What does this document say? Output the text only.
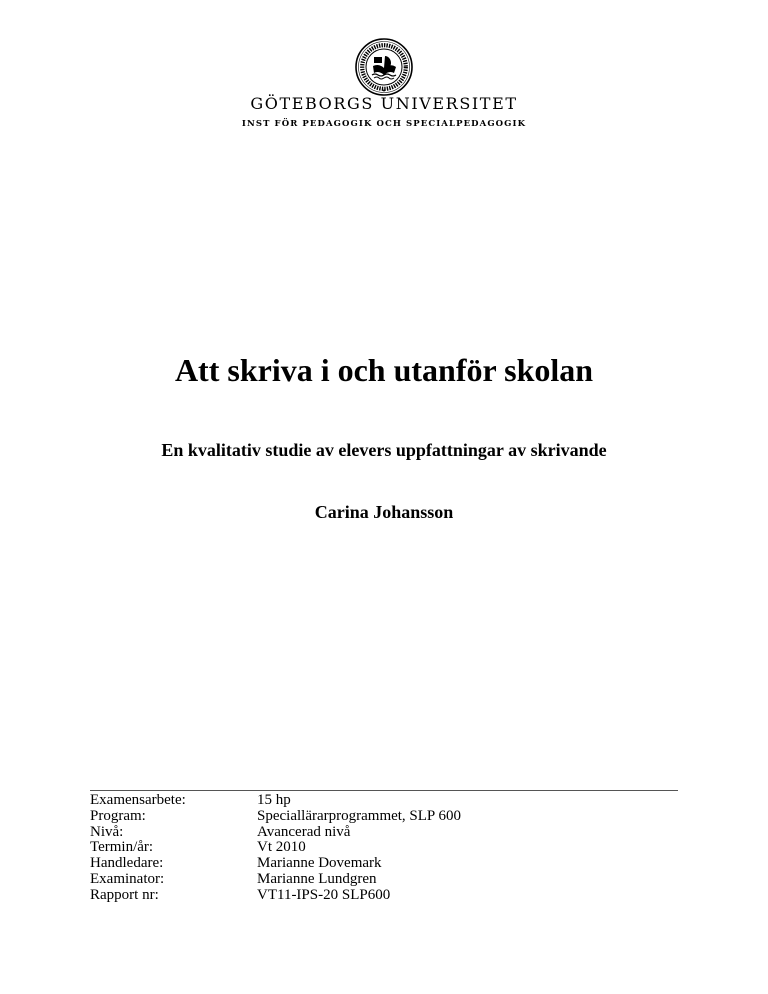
GÖTEBORGS UNIVERSITET
INST FÖR PEDAGOGIK OCH SPECIALPEDAGOGIK
Att skriva i och utanför skolan
En kvalitativ studie av elevers uppfattningar av skrivande
Carina Johansson
Examensarbete:	15 hp
Program:	Speciallärarprogrammet, SLP 600
Nivå:	Avancerad nivå
Termin/år:	Vt 2010
Handledare:	Marianne Dovemark
Examinator:	Marianne Lundgren
Rapport nr:	VT11-IPS-20 SLP600
